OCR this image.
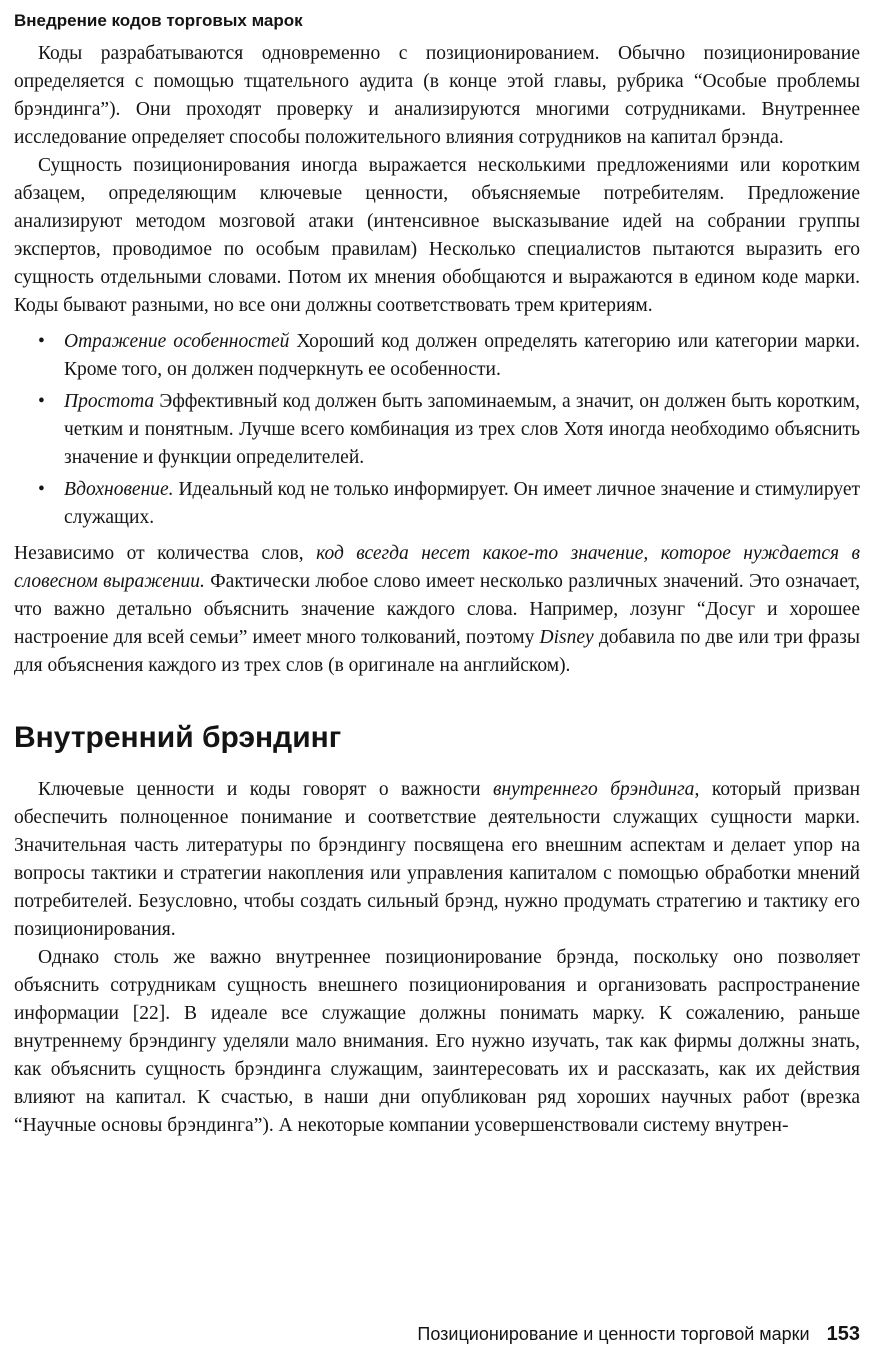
Внедрение кодов торговых марок

Коды разрабатываются одновременно с позиционированием. Обычно позиционирование определяется с помощью тщательного аудита (в конце этой главы, рубрика “Особые проблемы брэндинга”). Они проходят проверку и анализируются многими сотрудниками. Внутреннее исследование определяет способы положительного влияния сотрудников на капитал брэнда.

Сущность позиционирования иногда выражается несколькими предложениями или коротким абзацем, определяющим ключевые ценности, объясняемые потребителям. Предложение анализируют методом мозговой атаки (интенсивное высказывание идей на собрании группы экспертов, проводимое по особым правилам) Несколько специалистов пытаются выразить его сущность отдельными словами. Потом их мнения обобщаются и выражаются в едином коде марки. Коды бывают разными, но все они должны соответствовать трем критериям.

• Отражение особенностей Хороший код должен определять категорию или категории марки. Кроме того, он должен подчеркнуть ее особенности.
• Простота Эффективный код должен быть запоминаемым, а значит, он должен быть коротким, четким и понятным. Лучше всего комбинация из трех слов Хотя иногда необходимо объяснить значение и функции определителей.
• Вдохновение. Идеальный код не только информирует. Он имеет личное значение и стимулирует служащих.

Независимо от количества слов, код всегда несет какое-то значение, которое нуждается в словесном выражении. Фактически любое слово имеет несколько различных значений. Это означает, что важно детально объяснить значение каждого слова. Например, лозунг “Досуг и хорошее настроение для всей семьи” имеет много толкований, поэтому Disney добавила по две или три фразы для объяснения каждого из трех слов (в оригинале на английском).

Внутренний брэндинг

Ключевые ценности и коды говорят о важности внутреннего брэндинга, который призван обеспечить полноценное понимание и соответствие деятельности служащих сущности марки. Значительная часть литературы по брэндингу посвящена его внешним аспектам и делает упор на вопросы тактики и стратегии накопления или управления капиталом с помощью обработки мнений потребителей. Безусловно, чтобы создать сильный брэнд, нужно продумать стратегию и тактику его позиционирования.

Однако столь же важно внутреннее позиционирование брэнда, поскольку оно позволяет объяснить сотрудникам сущность внешнего позиционирования и организовать распространение информации [22]. В идеале все служащие должны понимать марку. К сожалению, раньше внутреннему брэндингу уделяли мало внимания. Его нужно изучать, так как фирмы должны знать, как объяснить сущность брэндинга служащим, заинтересовать их и рассказать, как их действия влияют на капитал. К счастью, в наши дни опубликован ряд хороших научных работ (врезка “Научные основы брэндинга”). А некоторые компании усовершенствовали систему внутрен-

Позиционирование и ценности торговой марки 153
